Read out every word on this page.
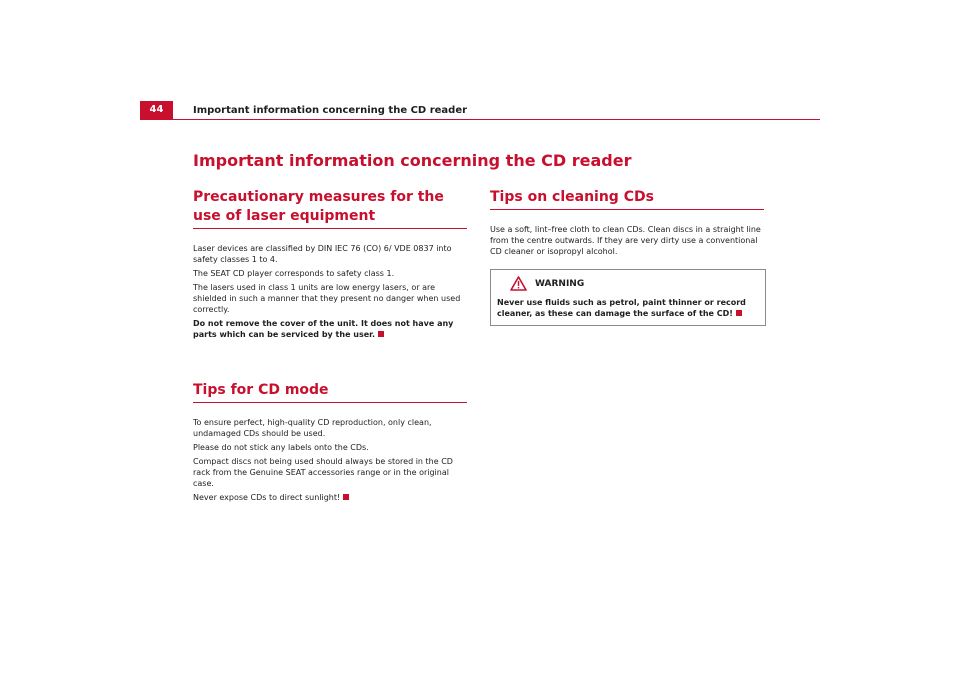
44	Important information concerning the CD reader
Important information concerning the CD reader
Precautionary measures for the use of laser equipment

Laser devices are classified by DIN IEC 76 (CO) 6/ VDE 0837 into safety classes 1 to 4.

The SEAT CD player corresponds to safety class 1.

The lasers used in class 1 units are low energy lasers, or are shielded in such a manner that they present no danger when used correctly.

Do not remove the cover of the unit. It does not have any parts which can be serviced by the user.

Tips for CD mode

To ensure perfect, high-quality CD reproduction, only clean, undamaged CDs should be used.

Please do not stick any labels onto the CDs.

Compact discs not being used should always be stored in the CD rack from the Genuine SEAT accessories range or in the original case.

Never expose CDs to direct sunlight!

Tips on cleaning CDs

Use a soft, lint–free cloth to clean CDs. Clean discs in a straight line from the centre outwards. If they are very dirty use a conventional CD cleaner or isopropyl alcohol.

WARNING

Never use fluids such as petrol, paint thinner or record cleaner, as these can damage the surface of the CD!
